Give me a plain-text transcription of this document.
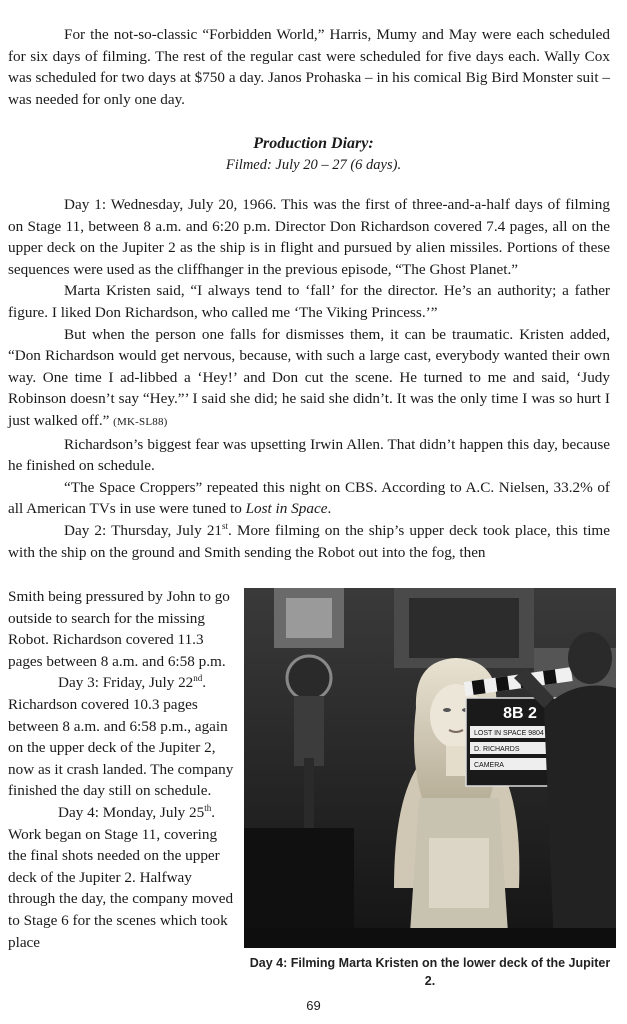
For the not-so-classic “Forbidden World,” Harris, Mumy and May were each scheduled for six days of filming. The rest of the regular cast were scheduled for five days each. Wally Cox was scheduled for two days at $750 a day. Janos Prohaska – in his comical Big Bird Monster suit – was needed for only one day.

Production Diary:
Filmed: July 20 – 27 (6 days).

Day 1: Wednesday, July 20, 1966. This was the first of three-and-a-half days of filming on Stage 11, between 8 a.m. and 6:20 p.m. Director Don Richardson covered 7.4 pages, all on the upper deck on the Jupiter 2 as the ship is in flight and pursued by alien missiles. Portions of these sequences were used as the cliffhanger in the previous episode, “The Ghost Planet.”

Marta Kristen said, “I always tend to ‘fall’ for the director. He’s an authority; a father figure. I liked Don Richardson, who called me ‘The Viking Princess.’”

But when the person one falls for dismisses them, it can be traumatic. Kristen added, “Don Richardson would get nervous, because, with such a large cast, everybody wanted their own way. One time I ad-libbed a ‘Hey!’ and Don cut the scene. He turned to me and said, ‘Judy Robinson doesn’t say “Hey.”’ I said she did; he said she didn’t. It was the only time I was so hurt I just walked off.” (MK-SL88)

Richardson’s biggest fear was upsetting Irwin Allen. That didn’t happen this day, because he finished on schedule.

“The Space Croppers” repeated this night on CBS. According to A.C. Nielsen, 33.2% of all American TVs in use were tuned to Lost in Space.

Day 2: Thursday, July 21st. More filming on the ship’s upper deck took place, this time with the ship on the ground and Smith sending the Robot out into the fog, then

Smith being pressured by John to go outside to search for the missing Robot. Richardson covered 11.3 pages between 8 a.m. and 6:58 p.m.

Day 3: Friday, July 22nd. Richardson covered 10.3 pages between 8 a.m. and 6:58 p.m., again on the upper deck of the Jupiter 2, now as it crash landed. The company finished the day still on schedule.

Day 4: Monday, July 25th. Work began on Stage 11, covering the final shots needed on the upper deck of the Jupiter 2. Halfway through the day, the company moved to Stage 6 for the scenes which took place

8B 2
LOST IN SPACE 9804
D. RICHARDS
CAMERA
Day 4: Filming Marta Kristen on the lower deck of the Jupiter 2.
69
